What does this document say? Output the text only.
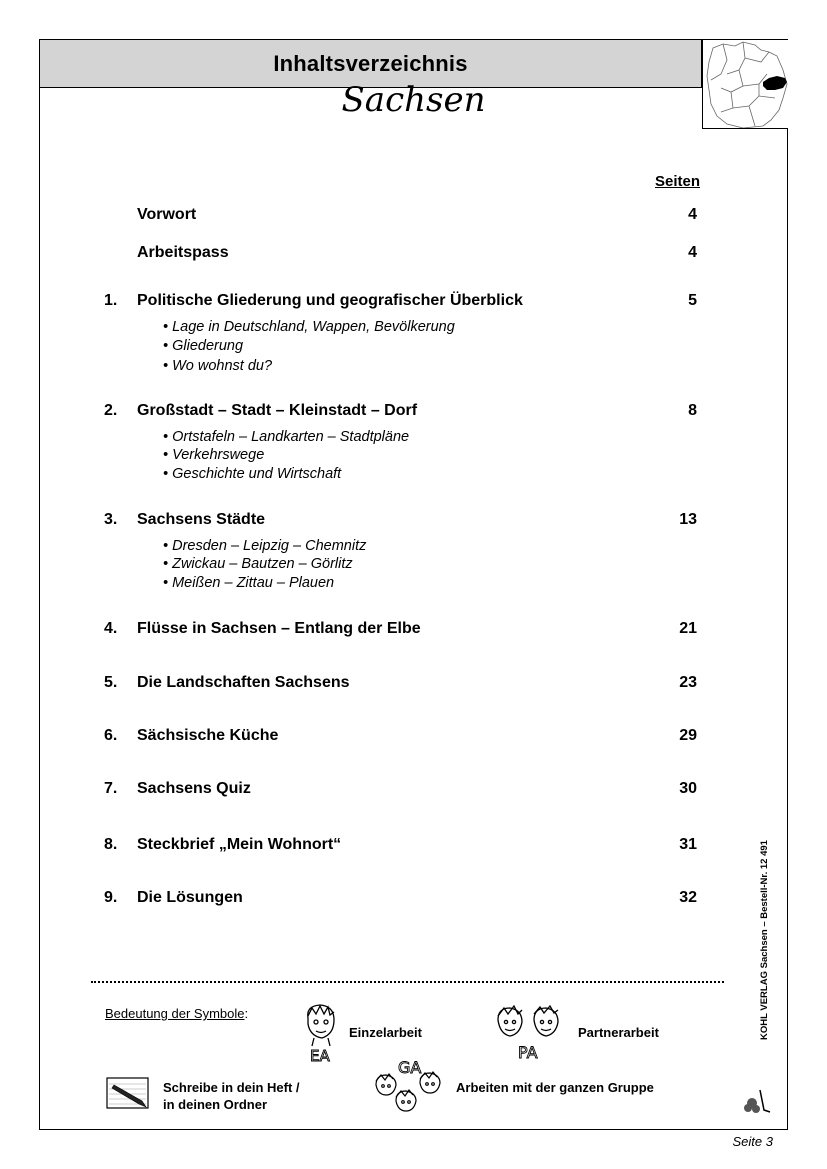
Inhaltsverzeichnis
Sachsen
Seiten
Vorwort	4
Arbeitspass	4
1. Politische Gliederung und geografischer Überblick	5
• Lage in Deutschland, Wappen, Bevölkerung
• Gliederung
• Wo wohnst du?
2. Großstadt – Stadt – Kleinstadt – Dorf	8
• Ortstafeln – Landkarten – Stadtpläne
• Verkehrswege
• Geschichte und Wirtschaft
3. Sachsens Städte	13
• Dresden – Leipzig – Chemnitz
• Zwickau – Bautzen – Görlitz
• Meißen – Zittau – Plauen
4. Flüsse in Sachsen – Entlang der Elbe	21
5. Die Landschaften Sachsens	23
6. Sächsische Küche	29
7. Sachsens Quiz	30
8. Steckbrief „Mein Wohnort“	31
9. Die Lösungen	32
Bedeutung der Symbole:
EA
Einzelarbeit
PA
Partnerarbeit
Schreibe in dein Heft /
in deinen Ordner
GA
Arbeiten mit der ganzen Gruppe
KOHL VERLAG Sachsen – Bestell-Nr. 12 491
Seite 3
